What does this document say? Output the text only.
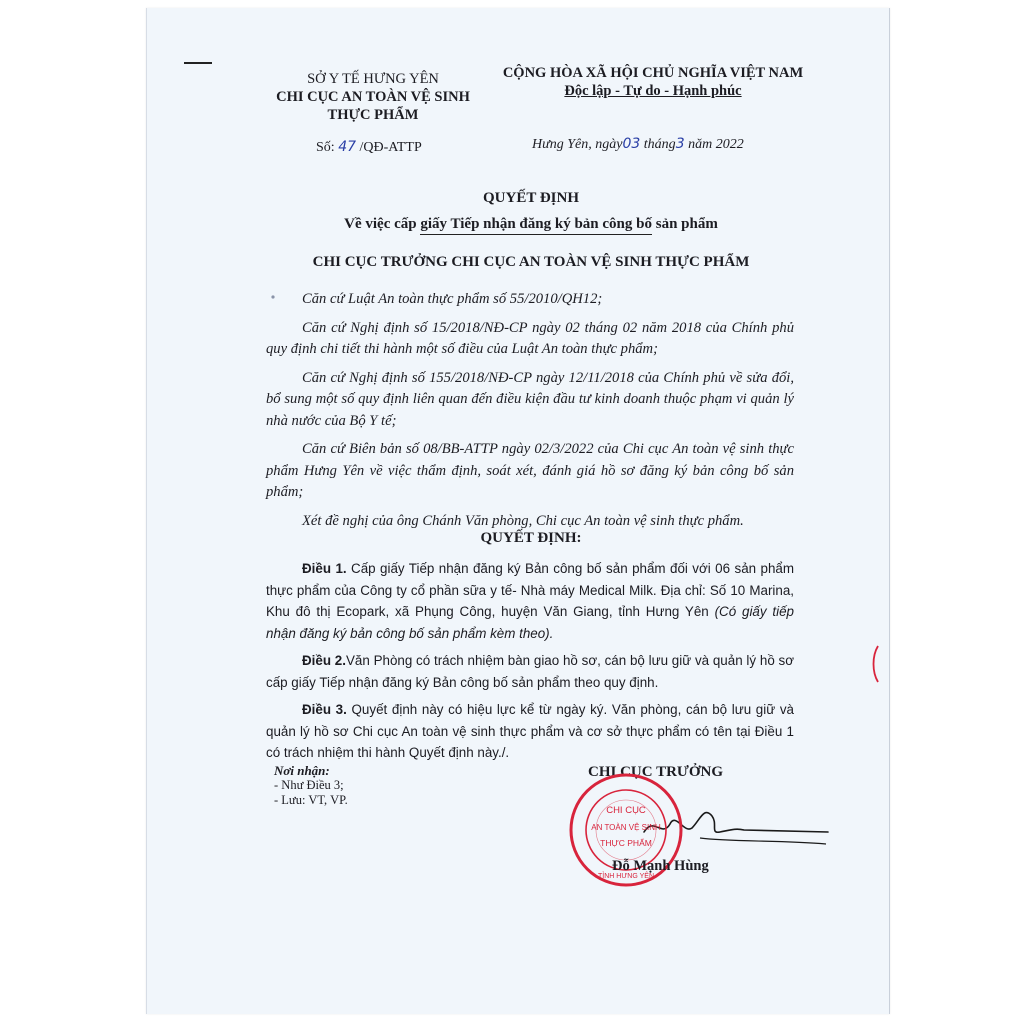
SỞ Y TẾ HƯNG YÊN
CHI CỤC AN TOÀN VỆ SINH
THỰC PHẨM
CỘNG HÒA XÃ HỘI CHỦ NGHĨA VIỆT NAM
Độc lập - Tự do - Hạnh phúc
Số: 47 /QĐ-ATTP	Hưng Yên, ngày03 tháng3 năm 2022
QUYẾT ĐỊNH
Về việc cấp giấy Tiếp nhận đăng ký bản công bố sản phẩm
CHI CỤC TRƯỞNG CHI CỤC AN TOÀN VỆ SINH THỰC PHẨM

Căn cứ Luật An toàn thực phẩm số 55/2010/QH12;

Căn cứ Nghị định số 15/2018/NĐ-CP ngày 02 tháng 02 năm 2018 của Chính phủ quy định chi tiết thi hành một số điều của Luật An toàn thực phẩm;

Căn cứ Nghị định số 155/2018/NĐ-CP ngày 12/11/2018 của Chính phủ về sửa đổi, bổ sung một số quy định liên quan đến điều kiện đầu tư kinh doanh thuộc phạm vi quản lý nhà nước của Bộ Y tế;

Căn cứ Biên bản số 08/BB-ATTP ngày 02/3/2022 của Chi cục An toàn vệ sinh thực phẩm Hưng Yên về việc thẩm định, soát xét, đánh giá hồ sơ đăng ký bản công bố sản phẩm;

Xét đề nghị của ông Chánh Văn phòng, Chi cục An toàn vệ sinh thực phẩm.

QUYẾT ĐỊNH:

Điều 1. Cấp giấy Tiếp nhận đăng ký Bản công bố sản phẩm đối với 06 sản phẩm thực phẩm của Công ty cổ phần sữa y tế- Nhà máy Medical Milk. Địa chỉ: Số 10 Marina, Khu đô thị Ecopark, xã Phụng Công, huyện Văn Giang, tỉnh Hưng Yên (Có giấy tiếp nhận đăng ký bản công bố sản phẩm kèm theo).

Điều 2.Văn Phòng có trách nhiệm bàn giao hồ sơ, cán bộ lưu giữ và quản lý hồ sơ cấp giấy Tiếp nhận đăng ký Bản công bố sản phẩm theo quy định.

Điều 3. Quyết định này có hiệu lực kể từ ngày ký. Văn phòng, cán bộ lưu giữ và quản lý hồ sơ Chi cục An toàn vệ sinh thực phẩm và cơ sở thực phẩm có tên tại Điều 1 có trách nhiệm thi hành Quyết định này./.

Nơi nhận:
- Như Điều 3;
- Lưu: VT, VP.
CHI CỤC TRƯỞNG
CHI CỤC
AN TOÀN VỆ SINH
THỰC PHẨM
TỈNH HƯNG YÊN
Đỗ Mạnh Hùng
